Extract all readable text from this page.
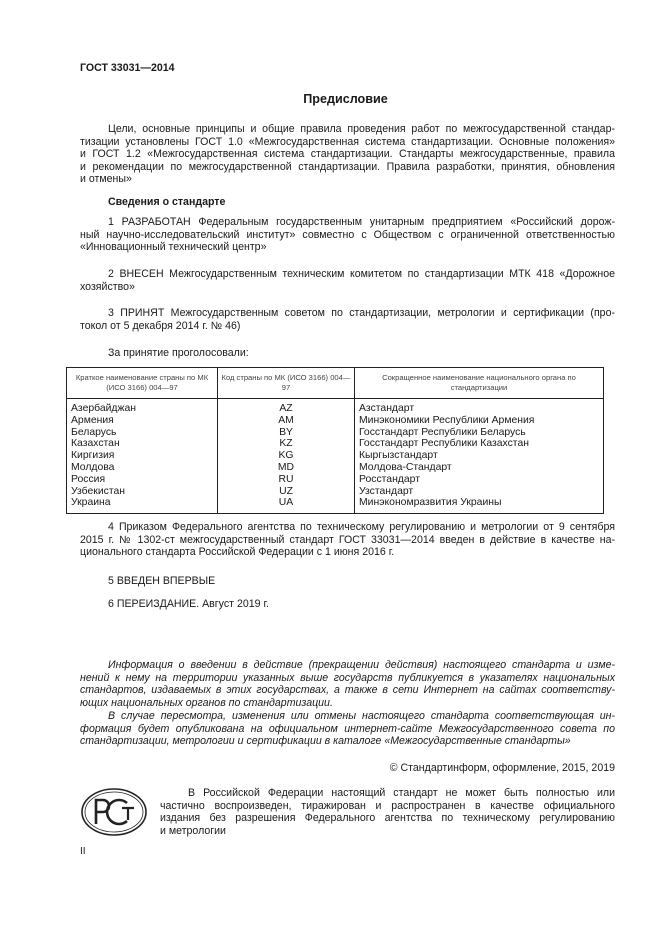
ГОСТ 33031—2014
Предисловие
Цели, основные принципы и общие правила проведения работ по межгосударственной стандар-
тизации установлены ГОСТ 1.0 «Межгосударственная система стандартизации. Основные положения»
и ГОСТ 1.2 «Межгосударственная система стандартизации. Стандарты межгосударственные, правила
и рекомендации по межгосударственной стандартизации. Правила разработки, принятия, обновления
и отмены»
Сведения о стандарте
1 РАЗРАБОТАН Федеральным государственным унитарным предприятием «Российский дорож-
ный научно-исследовательский институт» совместно с Обществом с ограниченной ответственностью
«Инновационный технический центр»
2 ВНЕСЕН Межгосударственным техническим комитетом по стандартизации МТК 418 «Дорожное
хозяйство»
3 ПРИНЯТ Межгосударственным советом по стандартизации, метрологии и сертификации (про-
токол от 5 декабря 2014 г. № 46)
За принятие проголосовали:
Краткое наименование страны по МК (ИСО 3166) 004—97	Код страны по МК (ИСО 3166) 004—97	Сокращенное наименование национального органа по стандартизации
Азербайджан	AZ	Азстандарт
Армения	AM	Минэкономики Республики Армения
Беларусь	BY	Госстандарт Республики Беларусь
Казахстан	KZ	Госстандарт Республики Казахстан
Киргизия	KG	Кыргызстандарт
Молдова	MD	Молдова-Стандарт
Россия	RU	Росстандарт
Узбекистан	UZ	Узстандарт
Украина	UA	Минэкономразвития Украины
4 Приказом Федерального агентства по техническому регулированию и метрологии от 9 сентября
2015 г. № 1302-ст межгосударственный стандарт ГОСТ 33031—2014 введен в действие в качестве на-
ционального стандарта Российской Федерации с 1 июня 2016 г.
5 ВВЕДЕН ВПЕРВЫЕ
6 ПЕРЕИЗДАНИЕ. Август 2019 г.
Информация о введении в действие (прекращении действия) настоящего стандарта и изме-
нений к нему на территории указанных выше государств публикуется в указателях национальных
стандартов, издаваемых в этих государствах, а также в сети Интернет на сайтах соответству-
ющих национальных органов по стандартизации.
В случае пересмотра, изменения или отмены настоящего стандарта соответствующая ин-
формация будет опубликована на официальном интернет-сайте Межгосударственного совета по
стандартизации, метрологии и сертификации в каталоге «Межгосударственные стандарты»
© Стандартинформ, оформление, 2015, 2019
В Российской Федерации настоящий стандарт не может быть полностью или
частично воспроизведен, тиражирован и распространен в качестве официального
издания без разрешения Федерального агентства по техническому регулированию
и метрологии
II
